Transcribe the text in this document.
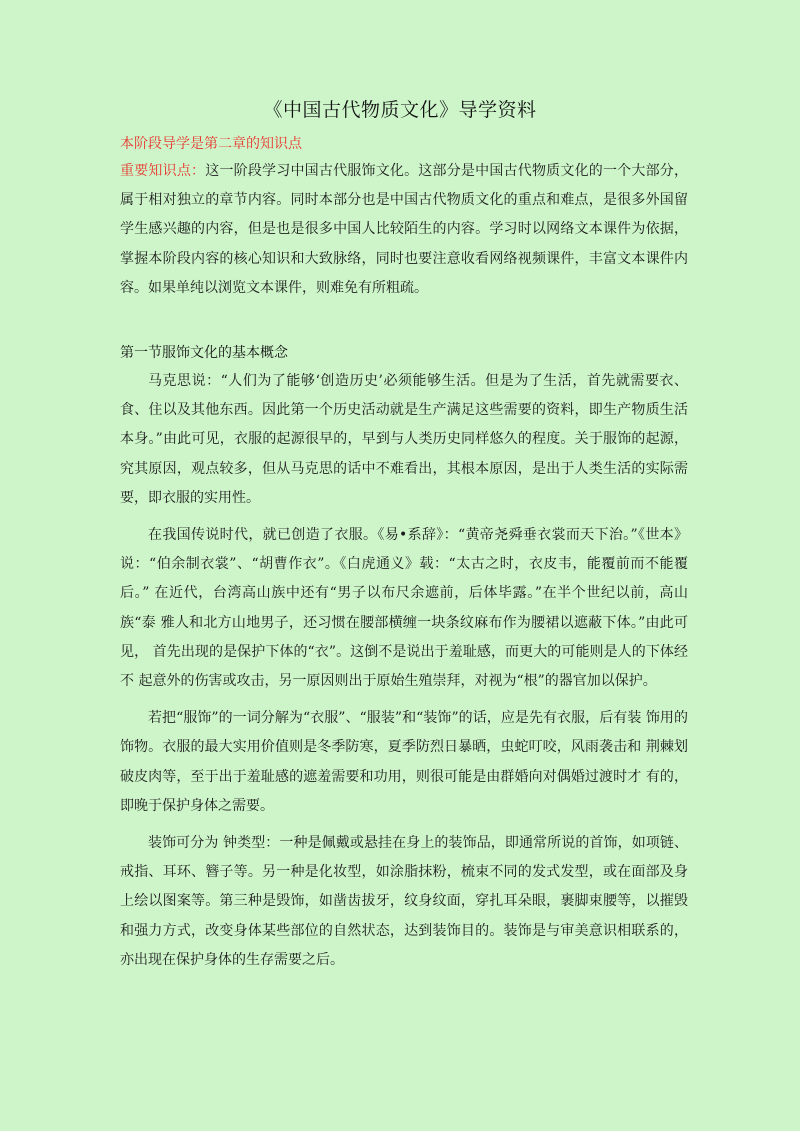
《中国古代物质文化》导学资料
本阶段导学是第二章的知识点
重要知识点：这一阶段学习中国古代服饰文化。这部分是中国古代物质文化的一个大部分， 属于相对独立的章节内容。同时本部分也是中国古代物质文化的重点和难点，是很多外国留 学生感兴趣的内容，但是也是很多中国人比较陌生的内容。学习时以网络文本课件为依据， 掌握本阶段内容的核心知识和大致脉络，同时也要注意收看网络视频课件，丰富文本课件内 容。如果单纯以浏览文本课件，则难免有所粗疏。
第一节服饰文化的基本概念

马克思说：“人们为了能够‘创造历史’必须能够生活。但是为了生活，首先就需要衣、 食、住以及其他东西。因此第一个历史活动就是生产满足这些需要的资料，即生产物质生活 本身。”由此可见，衣服的起源很早的，早到与人类历史同样悠久的程度。关于服饰的起源， 究其原因，观点较多，但从马克思的话中不难看出，其根本原因，是出于人类生活的实际需 要，即衣服的实用性。

在我国传说时代，就已创造了衣服。《易•系辞》：“黄帝尧舜垂衣裳而天下治。”《世本》 说：“伯余制衣裳”、“胡曹作衣”。《白虎通义》载：“太古之时，衣皮韦，能覆前而不能覆后。” 在近代，台湾高山族中还有“男子以布尺余遮前，后体毕露。”在半个世纪以前，高山族“泰 雅人和北方山地男子，还习惯在腰部横缠一块条纹麻布作为腰裙以遮蔽下体。”由此可见， 首先出现的是保护下体的“衣”。这倒不是说出于羞耻感，而更大的可能则是人的下体经不 起意外的伤害或攻击，另一原因则出于原始生殖崇拜，对视为“根”的器官加以保护。

若把“服饰”的一词分解为“衣服”、“服装”和“装饰”的话，应是先有衣服，后有装 饰用的饰物。衣服的最大实用价值则是冬季防寒，夏季防烈日暴晒，虫蛇叮咬，风雨袭击和 荆棘划破皮肉等，至于出于羞耻感的遮羞需要和功用，则很可能是由群婚向对偶婚过渡时才 有的，即晚于保护身体之需要。

装饰可分为 钟类型：一种是佩戴或悬挂在身上的装饰品，即通常所说的首饰，如项链、戒指、耳环、簪子等。另一种是化妆型，如涂脂抹粉，梳束不同的发式发型，或在面部及身上绘以图案等。第三种是毁饰，如凿齿拔牙，纹身纹面，穿扎耳朵眼，裹脚束腰等，以摧毁和强力方式，改变身体某些部位的自然状态，达到装饰目的。装饰是与审美意识相联系的，亦出现在保护身体的生存需要之后。
